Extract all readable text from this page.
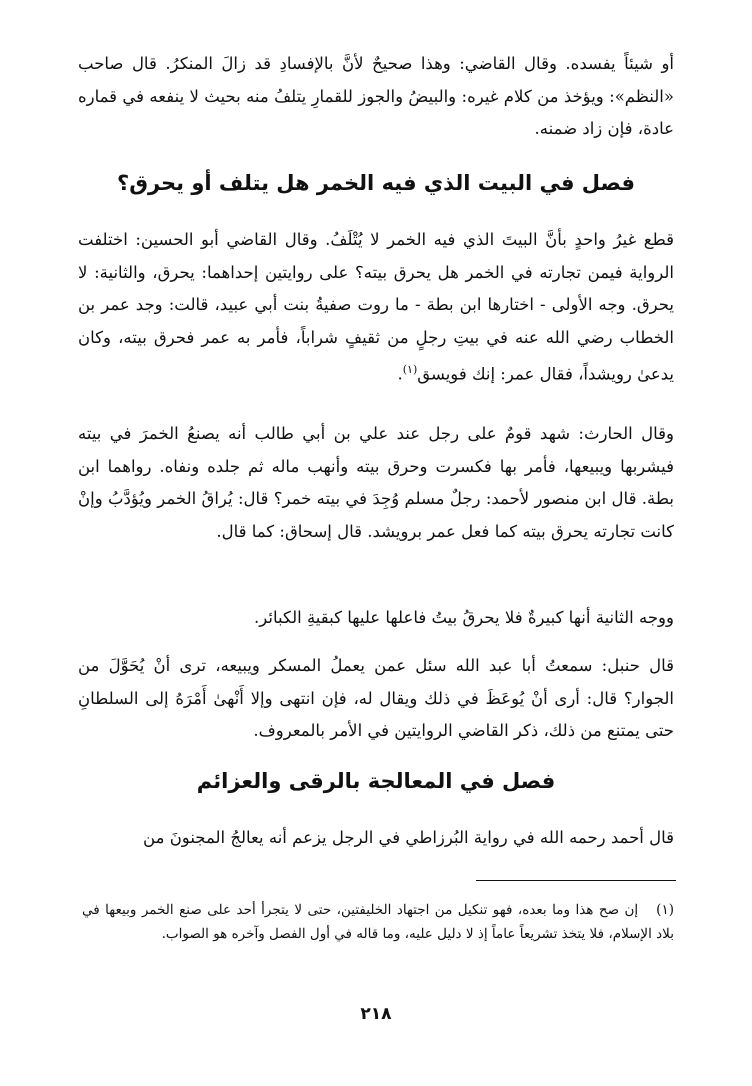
أو شيئاً يفسده. وقال القاضي: وهذا صحيحٌ لأنَّ بالإفسادِ قد زالَ المنكرُ. قال صاحب «النظم»: ويؤخذ من كلام غيره: والبيضُ والجوز للقمارِ يتلفُ منه بحيث لا ينفعه في قماره عادة، فإن زاد ضمنه.

فصل في البيت الذي فيه الخمر هل يتلف أو يحرق؟

قطع غيرُ واحدٍ بأنَّ البيتَ الذي فيه الخمر لا يُتْلَفُ. وقال القاضي أبو الحسين: اختلفت الرواية فيمن تجارته في الخمر هل يحرق بيته؟ على روايتين إحداهما: يحرق، والثانية: لا يحرق. وجه الأولى - اختارها ابن بطة - ما روت صفيةُ بنت أبي عبيد، قالت: وجد عمر بن الخطاب رضي الله عنه في بيتِ رجلٍ من ثقيفٍ شراباً، فأمر به عمر فحرق بيته، وكان يدعىٰ رويشداً، فقال عمر: إنك فويسق$^{(١)}$.

وقال الحارث: شهد قومٌ على رجل عند علي بن أبي طالب أنه يصنعُ الخمرَ في بيته فيشربها ويبيعها، فأمر بها فكسرت وحرق بيته وأنهب ماله ثم جلده ونفاه. رواهما ابن بطة. قال ابن منصور لأحمد: رجلٌ مسلم وُجِدَ في بيته خمر؟ قال: يُراقُ الخمر ويُؤدَّبُ وإنْ كانت تجارته يحرق بيته كما فعل عمر برويشد. قال إسحاق: كما قال.

ووجه الثانية أنها كبيرةٌ فلا يحرقُ بيتُ فاعلها عليها كبقيةِ الكبائر.

قال حنبل: سمعتُ أبا عبد الله سئل عمن يعملُ المسكر ويبيعه، ترى أنْ يُحَوَّلَ من الجوار؟ قال: أرى أنْ يُوعَظَ في ذلك ويقال له، فإن انتهى وإلا أَنْهىٰ أَمْرَهُ إلى السلطانِ حتى يمتنع من ذلك، ذكر القاضي الروايتين في الأمر بالمعروف.

فصل في المعالجة بالرقى والعزائم

قال أحمد رحمه الله في رواية البُرزاطي في الرجل يزعم أنه يعالجُ المجنونَ من

(١)إن صح هذا وما بعده، فهو تنكيل من اجتهاد الخليفتين، حتى لا يتجرأ أحد على صنع الخمر وبيعها في بلاد الإسلام، فلا يتخذ تشريعاً عاماً إذ لا دليل عليه، وما قاله في أول الفصل وآخره هو الصواب.

٢١٨
